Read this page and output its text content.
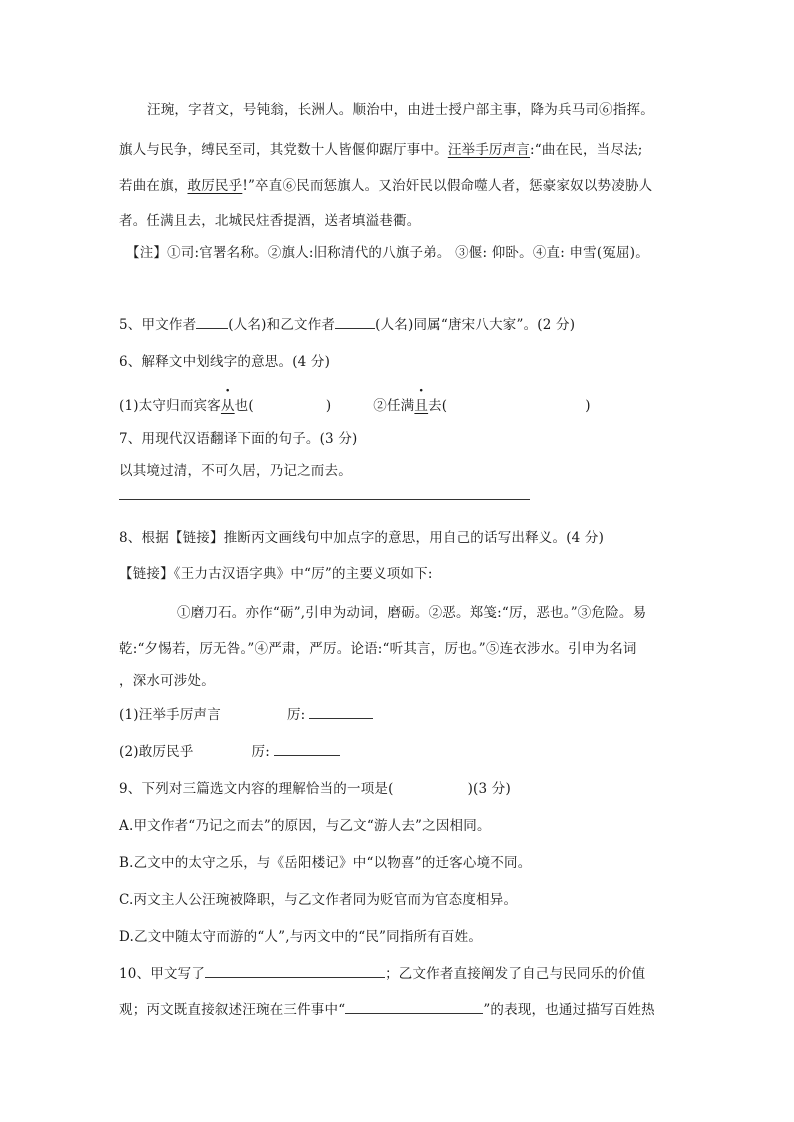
汪琬，字苕文，号钝翁，长洲人。顺治中，由进士授户部主事，降为兵马司⑥指挥。
旗人与民争，缚民至司，其党数十人皆偃仰踞厅事中。汪举手厉声言:“曲在民，当尽法;
若曲在旗，敢厉民乎!”卒直⑥民而惩旗人。又治奸民以假命噬人者，惩豪家奴以势凌胁人
者。任满且去，北城民炷香提酒，送者填溢巷衢。
【注】①司:官署名称。②旗人:旧称清代的八旗子弟。 ③偃: 仰卧。④直: 申雪(冤屈)。
5、甲文作者 (人名)和乙文作者	(人名)同属“唐宋八大家”。(2 分)
6、解释文中划线字的意思。(4 分)
(1)太守归而宾客从也(	)	②任满且去(	)
7、用现代汉语翻译下面的句子。(3 分)
以其境过清，不可久居，乃记之而去。
8、根据【链接】推断丙文画线句中加点字的意思，用自己的话写出释义。(4 分)
【链接】《王力古汉语字典》中“厉”的主要义项如下:
①磨刀石。亦作“砺”,引申为动词，磨砺。②恶。郑笺:“厉，恶也。”③危险。易
乾:“夕惕若，厉无咎。”④严肃，严厉。论语:“听其言，厉也。”⑤连衣涉水。引申为名词
，深水可涉处。
(1)汪举手厉声言	厉:
(2)敢厉民乎	厉:
9、下列对三篇选文内容的理解恰当的一项是(	)(3 分)
A.甲文作者“乃记之而去”的原因，与乙文“游人去”之因相同。
B.乙文中的太守之乐，与《岳阳楼记》中“以物喜”的迁客心境不同。
C.丙文主人公汪琬被降职，与乙文作者同为贬官而为官态度相异。
D.乙文中随太守而游的“人”,与丙文中的“民”同指所有百姓。
10、甲文写了	；乙文作者直接阐发了自己与民同乐的价值
观；丙文既直接叙述汪琬在三件事中“	”的表现，也通过描写百姓热
